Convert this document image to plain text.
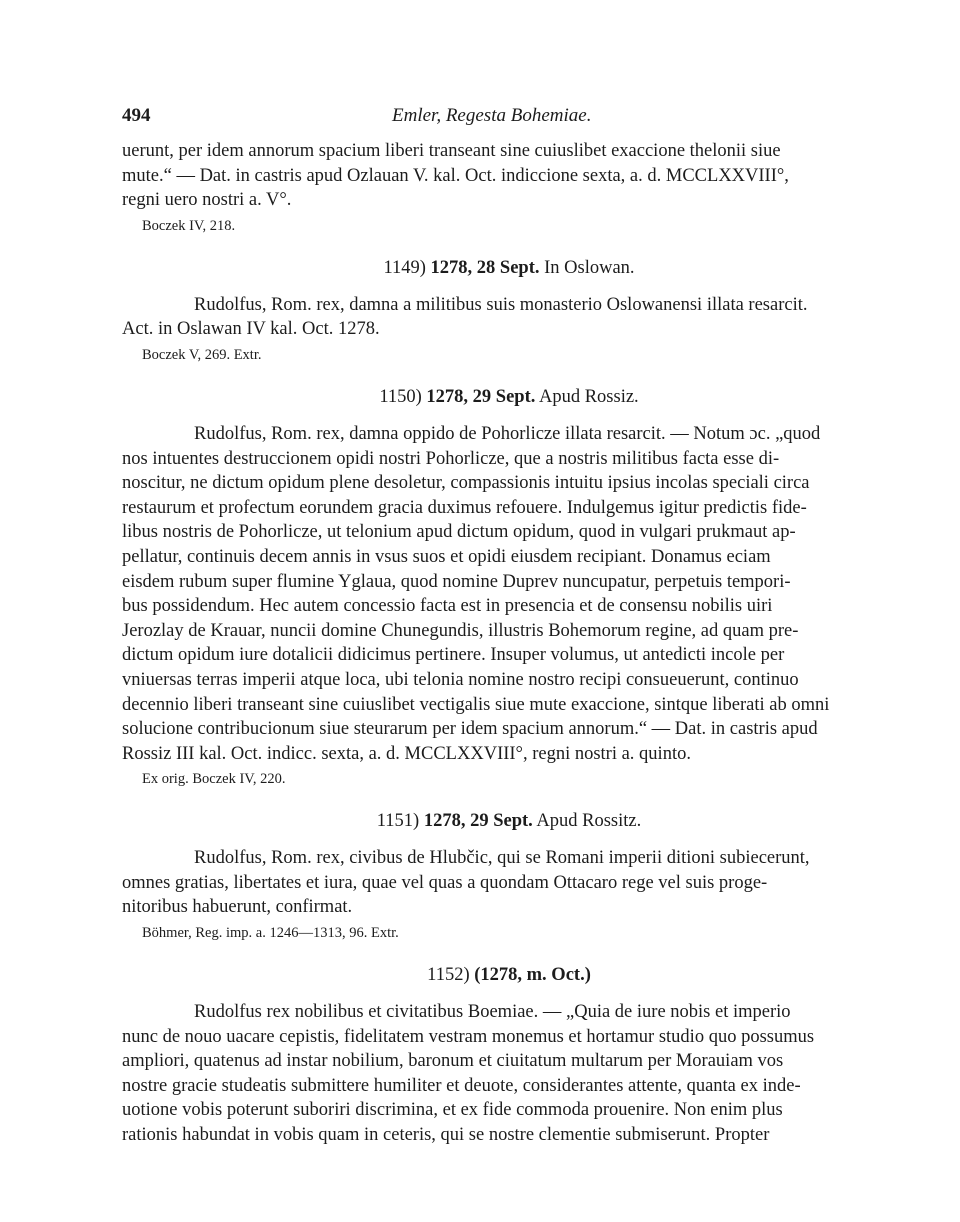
494	Emler, Regesta Bohemiae.

uerunt, per idem annorum spacium liberi transeant sine cuiuslibet exaccione thelonii siue
mute.“ — Dat. in castris apud Ozlauan V. kal. Oct. indiccione sexta, a. d. MCCLXXVIII°,
regni uero nostri a. V°.

Boczek IV, 218.
1149) 1278, 28 Sept. In Oslowan.

Rudolfus, Rom. rex, damna a militibus suis monasterio Oslowanensi illata resarcit.
Act. in Oslawan IV kal. Oct. 1278.

Boczek V, 269. Extr.
1150) 1278, 29 Sept. Apud Rossiz.

Rudolfus, Rom. rex, damna oppido de Pohorlicze illata resarcit. — Notum ɔc. „quod
nos intuentes destruccionem opidi nostri Pohorlicze, que a nostris militibus facta esse di-
noscitur, ne dictum opidum plene desoletur, compassionis intuitu ipsius incolas speciali circa
restaurum et profectum eorundem gracia duximus refouere. Indulgemus igitur predictis fide-
libus nostris de Pohorlicze, ut telonium apud dictum opidum, quod in vulgari prukmaut ap-
pellatur, continuis decem annis in vsus suos et opidi eiusdem recipiant. Donamus eciam
eisdem rubum super flumine Yglaua, quod nomine Duprev nuncupatur, perpetuis tempori-
bus possidendum. Hec autem concessio facta est in presencia et de consensu nobilis uiri
Jerozlay de Krauar, nuncii domine Chunegundis, illustris Bohemorum regine, ad quam pre-
dictum opidum iure dotalicii didicimus pertinere. Insuper volumus, ut antedicti incole per
vniuersas terras imperii atque loca, ubi telonia nomine nostro recipi consueuerunt, continuo
decennio liberi transeant sine cuiuslibet vectigalis siue mute exaccione, sintque liberati ab omni
solucione contribucionum siue steurarum per idem spacium annorum.“ — Dat. in castris apud
Rossiz III kal. Oct. indicc. sexta, a. d. MCCLXXVIII°, regni nostri a. quinto.

Ex orig. Boczek IV, 220.
1151) 1278, 29 Sept. Apud Rossitz.

Rudolfus, Rom. rex, civibus de Hlubčic, qui se Romani imperii ditioni subiecerunt,
omnes gratias, libertates et iura, quae vel quas a quondam Ottacaro rege vel suis proge-
nitoribus habuerunt, confirmat.

Böhmer, Reg. imp. a. 1246—1313, 96. Extr.
1152) (1278, m. Oct.)

Rudolfus rex nobilibus et civitatibus Boemiae. — „Quia de iure nobis et imperio
nunc de nouo uacare cepistis, fidelitatem vestram monemus et hortamur studio quo possumus
ampliori, quatenus ad instar nobilium, baronum et ciuitatum multarum per Morauiam vos
nostre gracie studeatis submittere humiliter et deuote, considerantes attente, quanta ex inde-
uotione vobis poterunt suboriri discrimina, et ex fide commoda prouenire. Non enim plus
rationis habundat in vobis quam in ceteris, qui se nostre clementie submiserunt. Propter
